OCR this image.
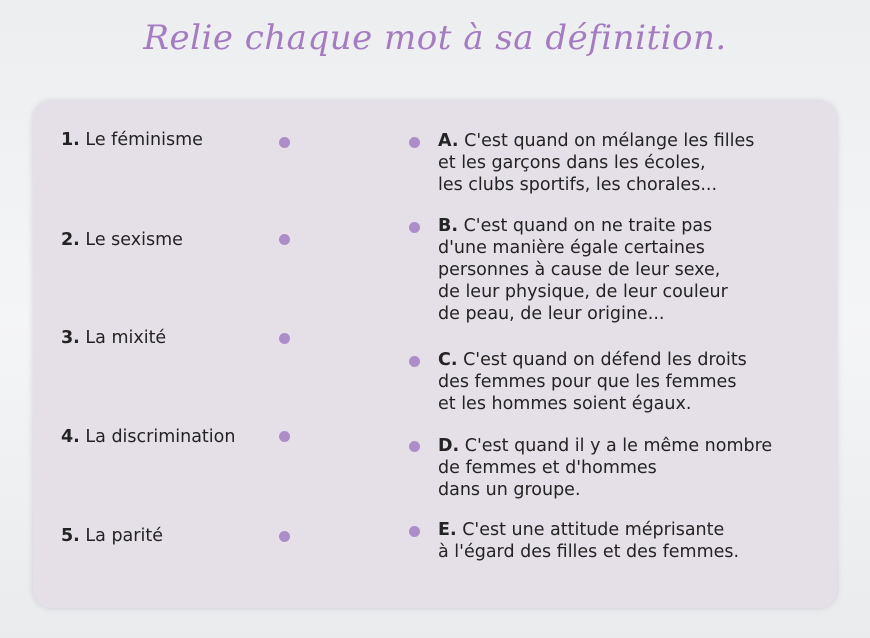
Relie chaque mot à sa définition.
1. Le féminisme
2. Le sexisme
3. La mixité
4. La discrimination
5. La parité
A. C'est quand on mélange les filles
et les garçons dans les écoles,
les clubs sportifs, les chorales...
B. C'est quand on ne traite pas
d'une manière égale certaines
personnes à cause de leur sexe,
de leur physique, de leur couleur
de peau, de leur origine...
C. C'est quand on défend les droits
des femmes pour que les femmes
et les hommes soient égaux.
D. C'est quand il y a le même nombre
de femmes et d'hommes
dans un groupe.
E. C'est une attitude méprisante
à l'égard des filles et des femmes.
